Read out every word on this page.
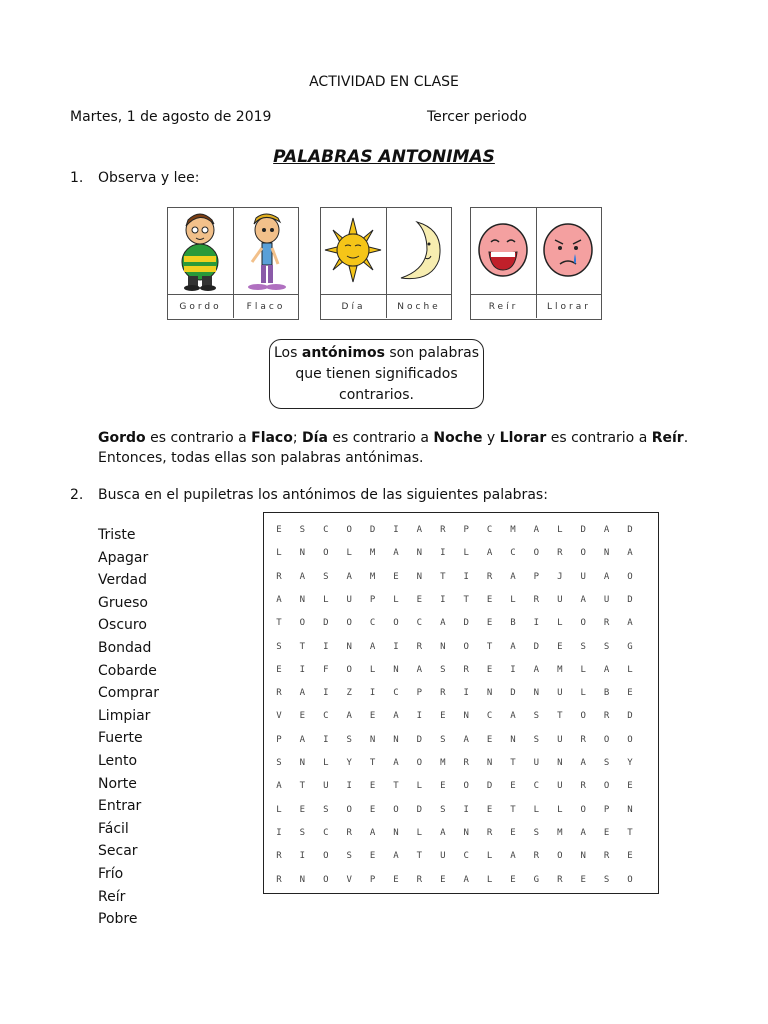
ACTIVIDAD EN CLASE
Martes, 1 de agosto de 2019	Tercer periodo
PALABRAS ANTONIMAS
1. Observa y lee:
Gordo	Flaco	Día	Noche	Reír	Llorar
Los antónimos son palabras
que tienen significados
contrarios.
Gordo es contrario a Flaco; Día es contrario a Noche y Llorar es contrario a Reír.
Entonces, todas ellas son palabras antónimas.
2. Busca en el pupiletras los antónimos de las siguientes palabras:
Triste
Apagar
Verdad
Grueso
Oscuro
Bondad
Cobarde
Comprar
Limpiar
Fuerte
Lento
Norte
Entrar
Fácil
Secar
Frío
Reír
Pobre
E	S	C	O	D	I	A	R	P	C	M	A	L	D	A	D
L	N	O	L	M	A	N	I	L	A	C	O	R	O	N	A
R	A	S	A	M	E	N	T	I	R	A	P	J	U	A	O
A	N	L	U	P	L	E	I	T	E	L	R	U	A	U	D
T	O	D	O	C	O	C	A	D	E	B	I	L	O	R	A
S	T	I	N	A	I	R	N	O	T	A	D	E	S	S	G
E	I	F	O	L	N	A	S	R	E	I	A	M	L	A	L
R	A	I	Z	I	C	P	R	I	N	D	N	U	L	B	E
V	E	C	A	E	A	I	E	N	C	A	S	T	O	R	D
P	A	I	S	N	N	D	S	A	E	N	S	U	R	O	O
S	N	L	Y	T	A	O	M	R	N	T	U	N	A	S	Y
A	T	U	I	E	T	L	E	O	D	E	C	U	R	O	E
L	E	S	O	E	O	D	S	I	E	T	L	L	O	P	N
I	S	C	R	A	N	L	A	N	R	E	S	M	A	E	T
R	I	O	S	E	A	T	U	C	L	A	R	O	N	R	E
R	N	O	V	P	E	R	E	A	L	E	G	R	E	S	O
